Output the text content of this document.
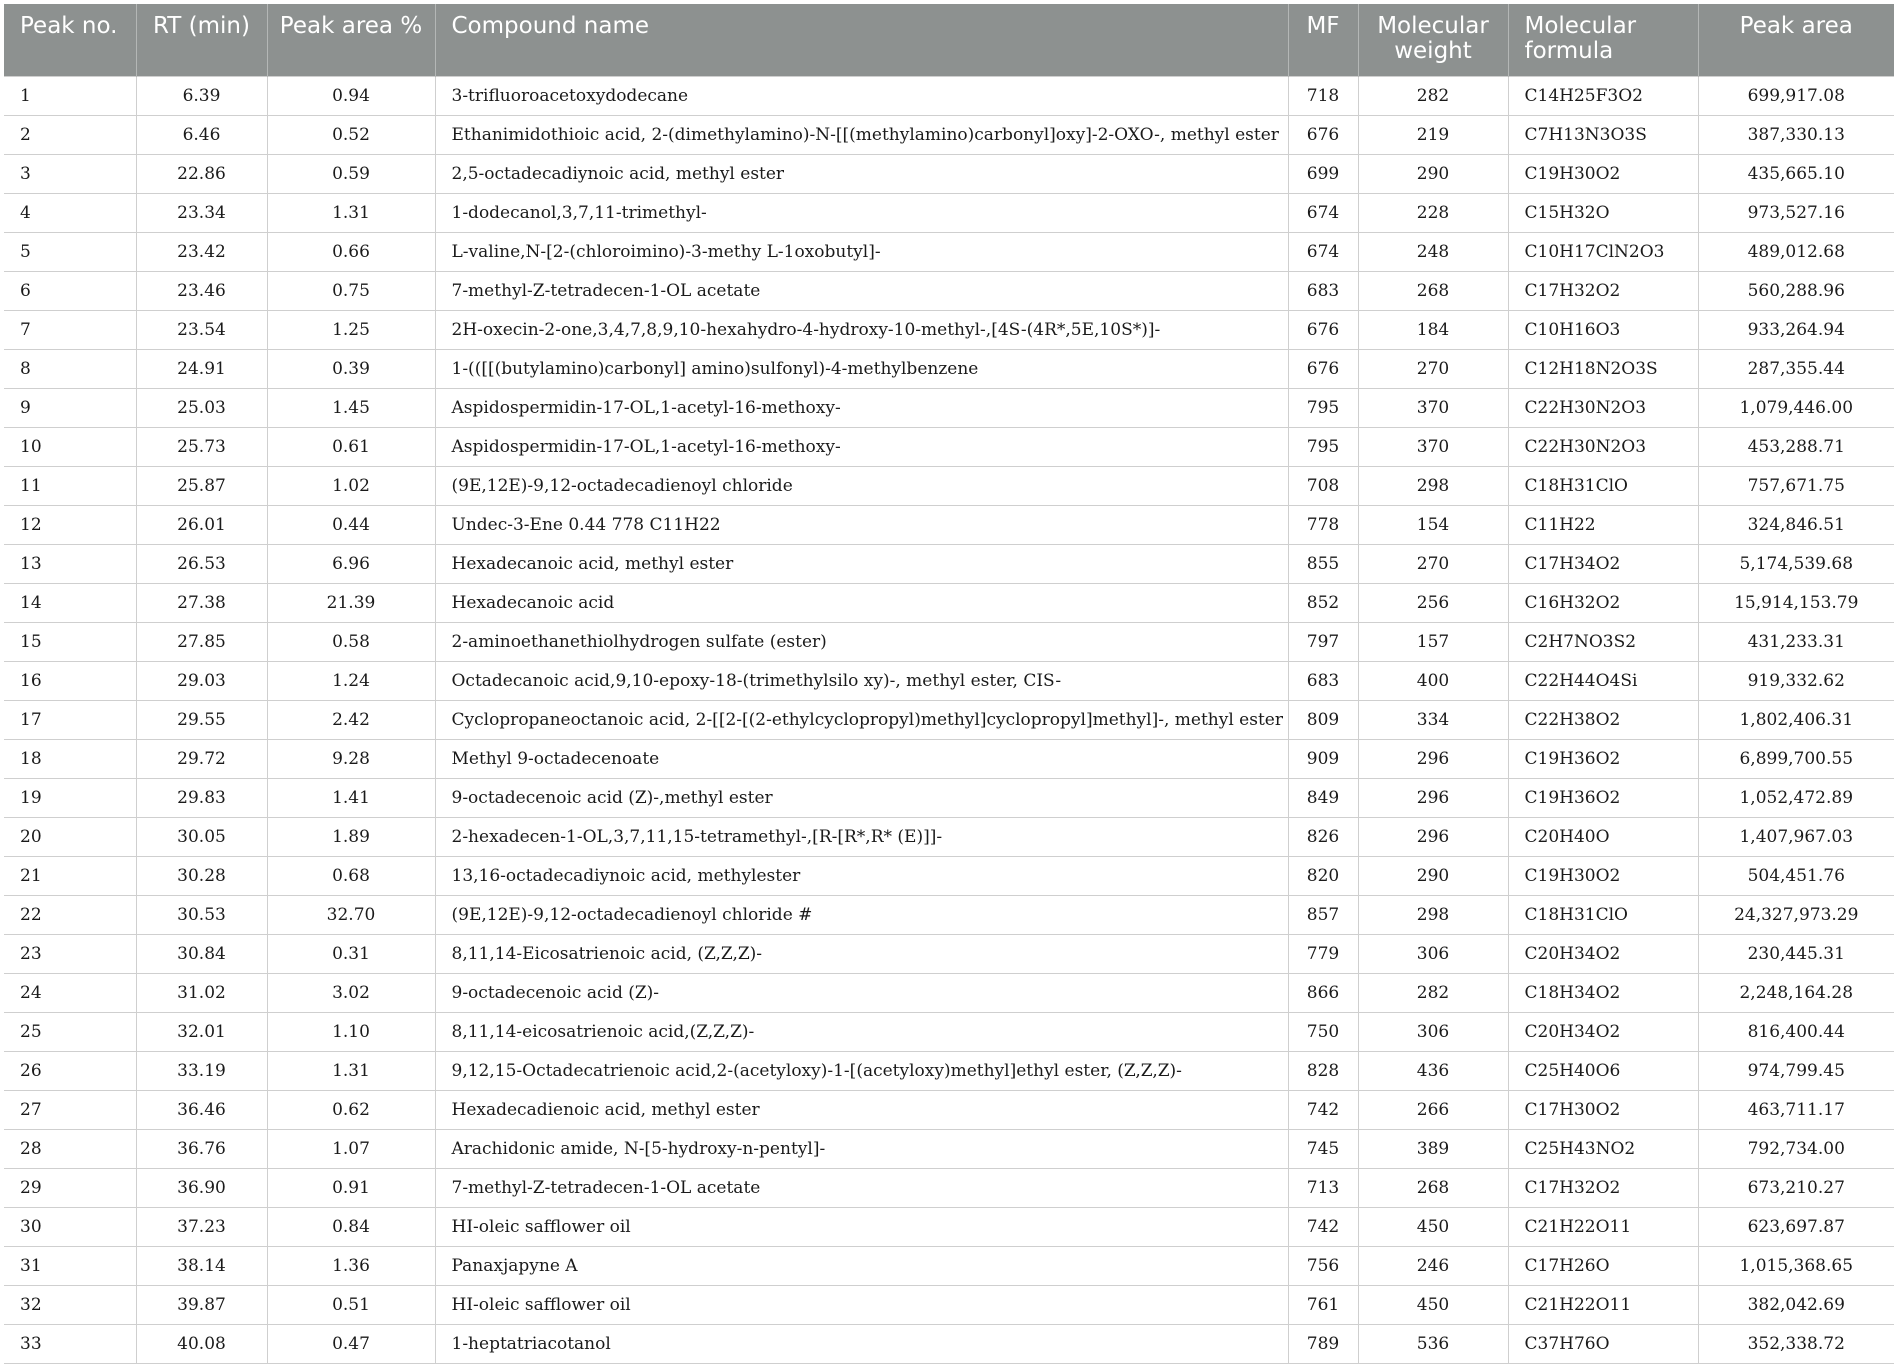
Peak no.	RT (min)	Peak area %	Compound name	MF	Molecular weight	Molecular formula	Peak area
1	6.39	0.94	3-trifluoroacetoxydodecane	718	282	C14H25F3O2	699,917.08
2	6.46	0.52	Ethanimidothioic acid, 2-(dimethylamino)-N-[[(methylamino)carbonyl]oxy]-2-OXO-, methyl ester	676	219	C7H13N3O3S	387,330.13
3	22.86	0.59	2,5-octadecadiynoic acid, methyl ester	699	290	C19H30O2	435,665.10
4	23.34	1.31	1-dodecanol,3,7,11-trimethyl-	674	228	C15H32O	973,527.16
5	23.42	0.66	L-valine,N-[2-(chloroimino)-3-methy L-1oxobutyl]-	674	248	C10H17ClN2O3	489,012.68
6	23.46	0.75	7-methyl-Z-tetradecen-1-OL acetate	683	268	C17H32O2	560,288.96
7	23.54	1.25	2H-oxecin-2-one,3,4,7,8,9,10-hexahydro-4-hydroxy-10-methyl-,[4S-(4R*,5E,10S*)]-	676	184	C10H16O3	933,264.94
8	24.91	0.39	1-(([[(butylamino)carbonyl] amino)sulfonyl)-4-methylbenzene	676	270	C12H18N2O3S	287,355.44
9	25.03	1.45	Aspidospermidin-17-OL,1-acetyl-16-methoxy-	795	370	C22H30N2O3	1,079,446.00
10	25.73	0.61	Aspidospermidin-17-OL,1-acetyl-16-methoxy-	795	370	C22H30N2O3	453,288.71
11	25.87	1.02	(9E,12E)-9,12-octadecadienoyl chloride	708	298	C18H31ClO	757,671.75
12	26.01	0.44	Undec-3-Ene 0.44 778 C11H22	778	154	C11H22	324,846.51
13	26.53	6.96	Hexadecanoic acid, methyl ester	855	270	C17H34O2	5,174,539.68
14	27.38	21.39	Hexadecanoic acid	852	256	C16H32O2	15,914,153.79
15	27.85	0.58	2-aminoethanethiolhydrogen sulfate (ester)	797	157	C2H7NO3S2	431,233.31
16	29.03	1.24	Octadecanoic acid,9,10-epoxy-18-(trimethylsilo xy)-, methyl ester, CIS-	683	400	C22H44O4Si	919,332.62
17	29.55	2.42	Cyclopropaneoctanoic acid, 2-[[2-[(2-ethylcyclopropyl)methyl]cyclopropyl]methyl]-, methyl ester	809	334	C22H38O2	1,802,406.31
18	29.72	9.28	Methyl 9-octadecenoate	909	296	C19H36O2	6,899,700.55
19	29.83	1.41	9-octadecenoic acid (Z)-,methyl ester	849	296	C19H36O2	1,052,472.89
20	30.05	1.89	2-hexadecen-1-OL,3,7,11,15-tetramethyl-,[R-[R*,R* (E)]]-	826	296	C20H40O	1,407,967.03
21	30.28	0.68	13,16-octadecadiynoic acid, methylester	820	290	C19H30O2	504,451.76
22	30.53	32.70	(9E,12E)-9,12-octadecadienoyl chloride #	857	298	C18H31ClO	24,327,973.29
23	30.84	0.31	8,11,14-Eicosatrienoic acid, (Z,Z,Z)-	779	306	C20H34O2	230,445.31
24	31.02	3.02	9-octadecenoic acid (Z)-	866	282	C18H34O2	2,248,164.28
25	32.01	1.10	8,11,14-eicosatrienoic acid,(Z,Z,Z)-	750	306	C20H34O2	816,400.44
26	33.19	1.31	9,12,15-Octadecatrienoic acid,2-(acetyloxy)-1-[(acetyloxy)methyl]ethyl ester, (Z,Z,Z)-	828	436	C25H40O6	974,799.45
27	36.46	0.62	Hexadecadienoic acid, methyl ester	742	266	C17H30O2	463,711.17
28	36.76	1.07	Arachidonic amide, N-[5-hydroxy-n-pentyl]-	745	389	C25H43NO2	792,734.00
29	36.90	0.91	7-methyl-Z-tetradecen-1-OL acetate	713	268	C17H32O2	673,210.27
30	37.23	0.84	HI-oleic safflower oil	742	450	C21H22O11	623,697.87
31	38.14	1.36	Panaxjapyne A	756	246	C17H26O	1,015,368.65
32	39.87	0.51	HI-oleic safflower oil	761	450	C21H22O11	382,042.69
33	40.08	0.47	1-heptatriacotanol	789	536	C37H76O	352,338.72
